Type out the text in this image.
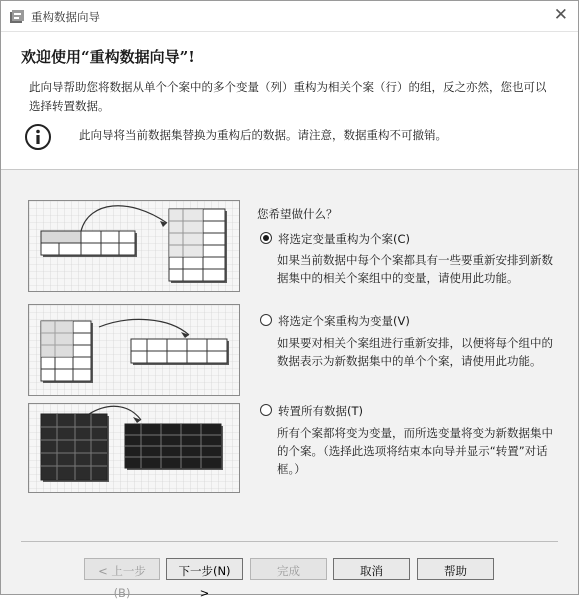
重构数据向导	✕
欢迎使用“重构数据向导”!
此向导帮助您将数据从单个个案中的多个变量（列）重构为相关个案（行）的组，反之亦然，您也可以选择转置数据。
此向导将当前数据集替换为重构后的数据。请注意，数据重构不可撤销。
您希望做什么？
将选定变量重构为个案(C)
如果当前数据中每个个案都具有一些要重新安排到新数据集中的相关个案组中的变量，请使用此功能。
将选定个案重构为变量(V)
如果要对相关个案组进行重新安排，以便将每个组中的数据表示为新数据集中的单个个案，请使用此功能。
转置所有数据(T)
所有个案都将变为变量，而所选变量将变为新数据集中的个案。（选择此选项将结束本向导并显示“转置”对话框。）
< 上一步(B)
下一步(N) >
完成	取消	帮助
